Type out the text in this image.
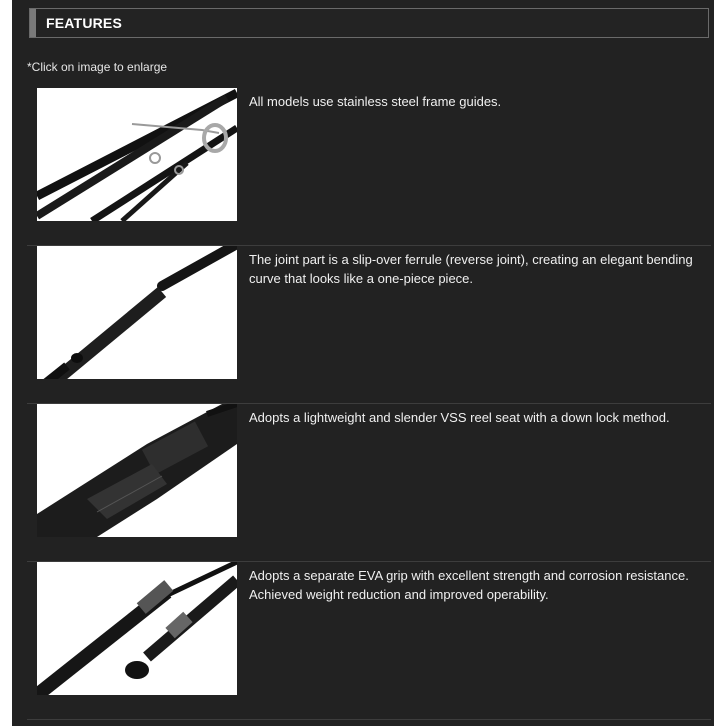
FEATURES
*Click on image to enlarge
All models use stainless steel frame guides.
The joint part is a slip-over ferrule (reverse joint), creating an elegant bending curve that looks like a one-piece piece.
Adopts a lightweight and slender VSS reel seat with a down lock method.
Adopts a separate EVA grip with excellent strength and corrosion resistance. Achieved weight reduction and improved operability.
